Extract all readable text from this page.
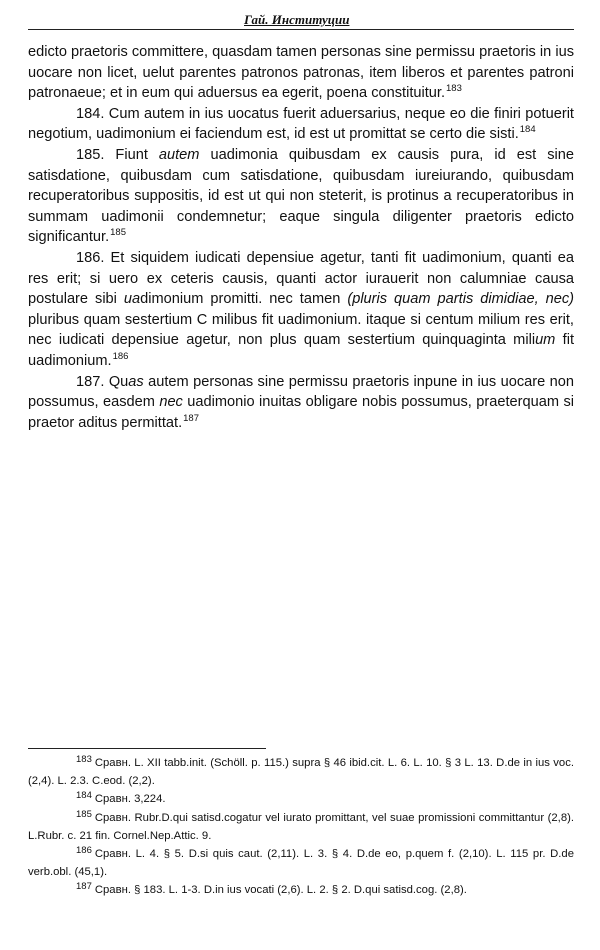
Гай. Институции

edicto praetoris committere, quasdam tamen personas sine permissu praetoris in ius uocare non licet, uelut parentes patronos patronas, item liberos et parentes patroni patronaeue; et in eum qui aduersus ea egerit, poena constituitur.$^{183}$

184. Cum autem in ius uocatus fuerit aduersarius, neque eo die finiri potuerit negotium, uadimonium ei faciendum est, id est ut promittat se certo die sisti.$^{184}$

185. Fiunt autem uadimonia quibusdam ex causis pura, id est sine satisdatione, quibusdam cum satisdatione, quibusdam iureiurando, quibusdam recuperatoribus suppositis, id est ut qui non steterit, is protinus a recuperatoribus in summam uadimonii condemnetur; eaque singula diligenter praetoris edicto significantur.$^{185}$

186. Et siquidem iudicati depensiue agetur, tanti fit uadimonium, quanti ea res erit; si uero ex ceteris causis, quanti actor iurauerit non calumniae causa postulare sibi uadimonium promitti. nec tamen (pluris quam partis dimidiae, nec) pluribus quam sestertium C milibus fit uadimonium. itaque si centum milium res erit, nec iudicati depensiue agetur, non plus quam sestertium quinquaginta milium fit uadimonium.$^{186}$

187. Quas autem personas sine permissu praetoris inpune in ius uocare non possumus, easdem nec uadimonio inuitas obligare nobis possumus, praeterquam si praetor aditus permittat.$^{187}$

$^{183}$ Сравн. L. XII tabb.init. (Schöll. p. 115.) supra § 46 ibid.cit. L. 6. L. 10. § 3 L. 13. D.de in ius voc. (2,4). L. 2.3. C.eod. (2,2).

$^{184}$ Сравн. 3,224.

$^{185}$ Сравн. Rubr.D.qui satisd.cogatur vel iurato promittant, vel suae promissioni committantur (2,8). L.Rubr. c. 21 fin. Cornel.Nep.Attic. 9.

$^{186}$ Сравн. L. 4. § 5. D.si quis caut. (2,11). L. 3. § 4. D.de eo, p.quem f. (2,10). L. 115 pr. D.de verb.obl. (45,1).

$^{187}$ Сравн. § 183. L. 1-3. D.in ius vocati (2,6). L. 2. § 2. D.qui satisd.cog. (2,8).
